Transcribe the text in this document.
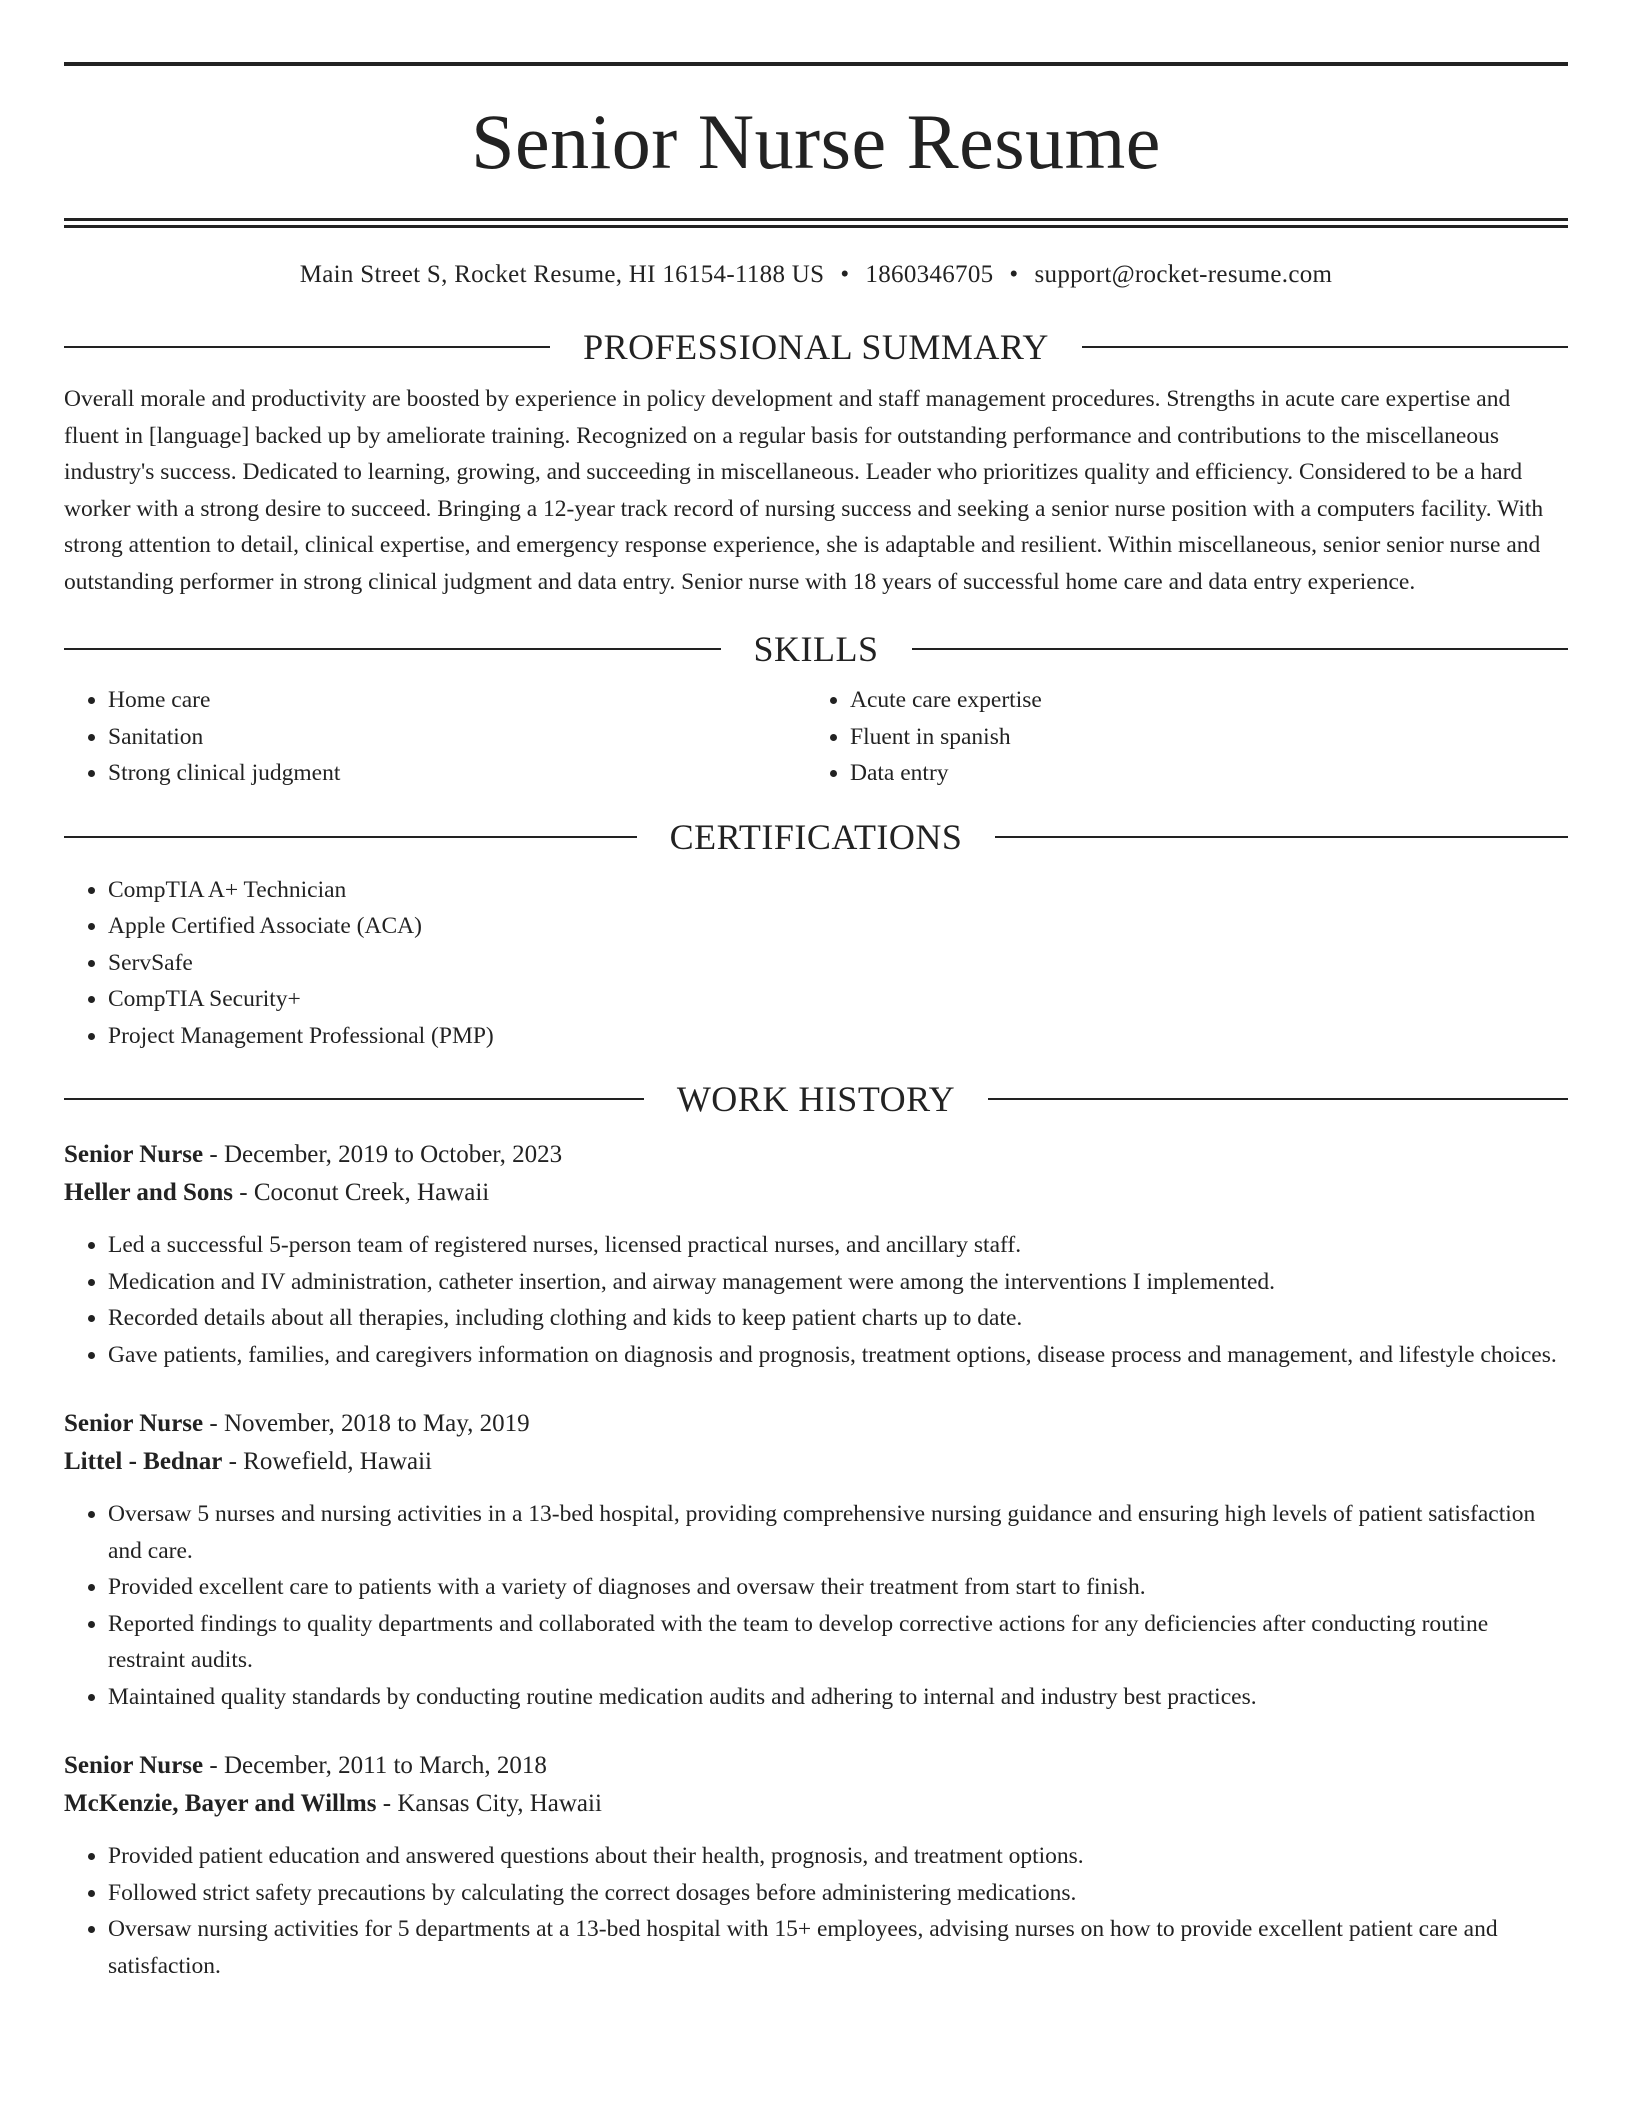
Senior Nurse Resume
Main Street S, Rocket Resume, HI 16154-1188 US • 1860346705 • support@rocket-resume.com
PROFESSIONAL SUMMARY

Overall morale and productivity are boosted by experience in policy development and staff management procedures. Strengths in acute care expertise and fluent in [language] backed up by ameliorate training. Recognized on a regular basis for outstanding performance and contributions to the miscellaneous industry's success. Dedicated to learning, growing, and succeeding in miscellaneous. Leader who prioritizes quality and efficiency. Considered to be a hard worker with a strong desire to succeed. Bringing a 12-year track record of nursing success and seeking a senior nurse position with a computers facility. With strong attention to detail, clinical expertise, and emergency response experience, she is adaptable and resilient. Within miscellaneous, senior senior nurse and outstanding performer in strong clinical judgment and data entry. Senior nurse with 18 years of successful home care and data entry experience.

SKILLS
• Home care
• Sanitation
• Strong clinical judgment
• Acute care expertise
• Fluent in spanish
• Data entry
CERTIFICATIONS
• CompTIA A+ Technician
• Apple Certified Associate (ACA)
• ServSafe
• CompTIA Security+
• Project Management Professional (PMP)
WORK HISTORY
Senior Nurse - December, 2019 to October, 2023
Heller and Sons - Coconut Creek, Hawaii
• Led a successful 5-person team of registered nurses, licensed practical nurses, and ancillary staff.
• Medication and IV administration, catheter insertion, and airway management were among the interventions I implemented.
• Recorded details about all therapies, including clothing and kids to keep patient charts up to date.
• Gave patients, families, and caregivers information on diagnosis and prognosis, treatment options, disease process and management, and lifestyle choices.
Senior Nurse - November, 2018 to May, 2019
Littel - Bednar - Rowefield, Hawaii
• Oversaw 5 nurses and nursing activities in a 13-bed hospital, providing comprehensive nursing guidance and ensuring high levels of patient satisfaction and care.
• Provided excellent care to patients with a variety of diagnoses and oversaw their treatment from start to finish.
• Reported findings to quality departments and collaborated with the team to develop corrective actions for any deficiencies after conducting routine restraint audits.
• Maintained quality standards by conducting routine medication audits and adhering to internal and industry best practices.
Senior Nurse - December, 2011 to March, 2018
McKenzie, Bayer and Willms - Kansas City, Hawaii
• Provided patient education and answered questions about their health, prognosis, and treatment options.
• Followed strict safety precautions by calculating the correct dosages before administering medications.
• Oversaw nursing activities for 5 departments at a 13-bed hospital with 15+ employees, advising nurses on how to provide excellent patient care and satisfaction.
